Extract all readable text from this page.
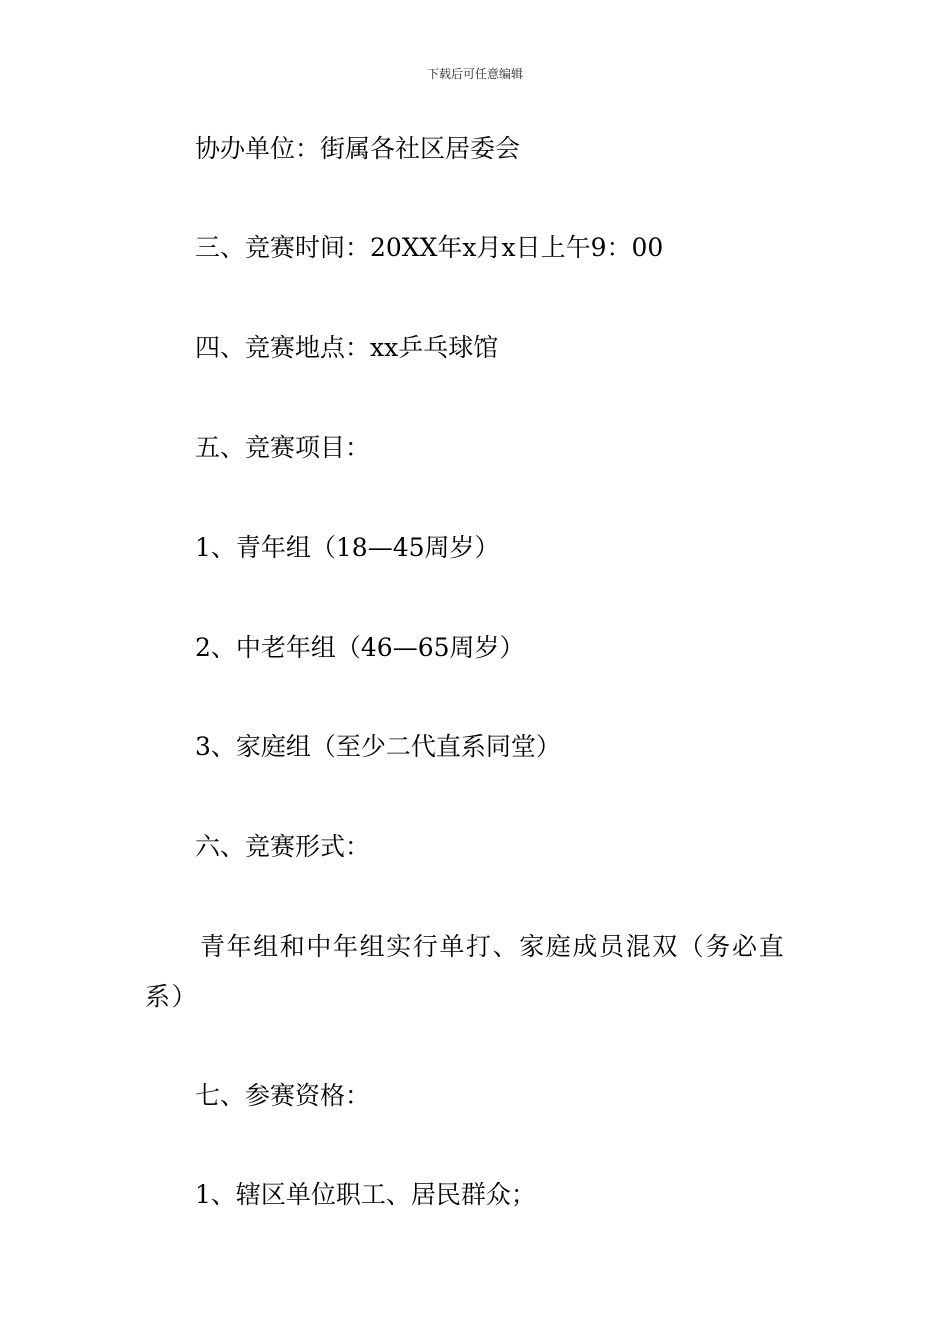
下载后可任意编辑
协办单位：街属各社区居委会
三、竞赛时间：20XX年x月x日上午9：00
四、竞赛地点：xx乒乓球馆
五、竞赛项目：
1、青年组（18—45周岁）
2、中老年组（46—65周岁）
3、家庭组（至少二代直系同堂）
六、竞赛形式：
青年组和中年组实行单打、家庭成员混双（务必直系）
七、参赛资格：
1、辖区单位职工、居民群众；
